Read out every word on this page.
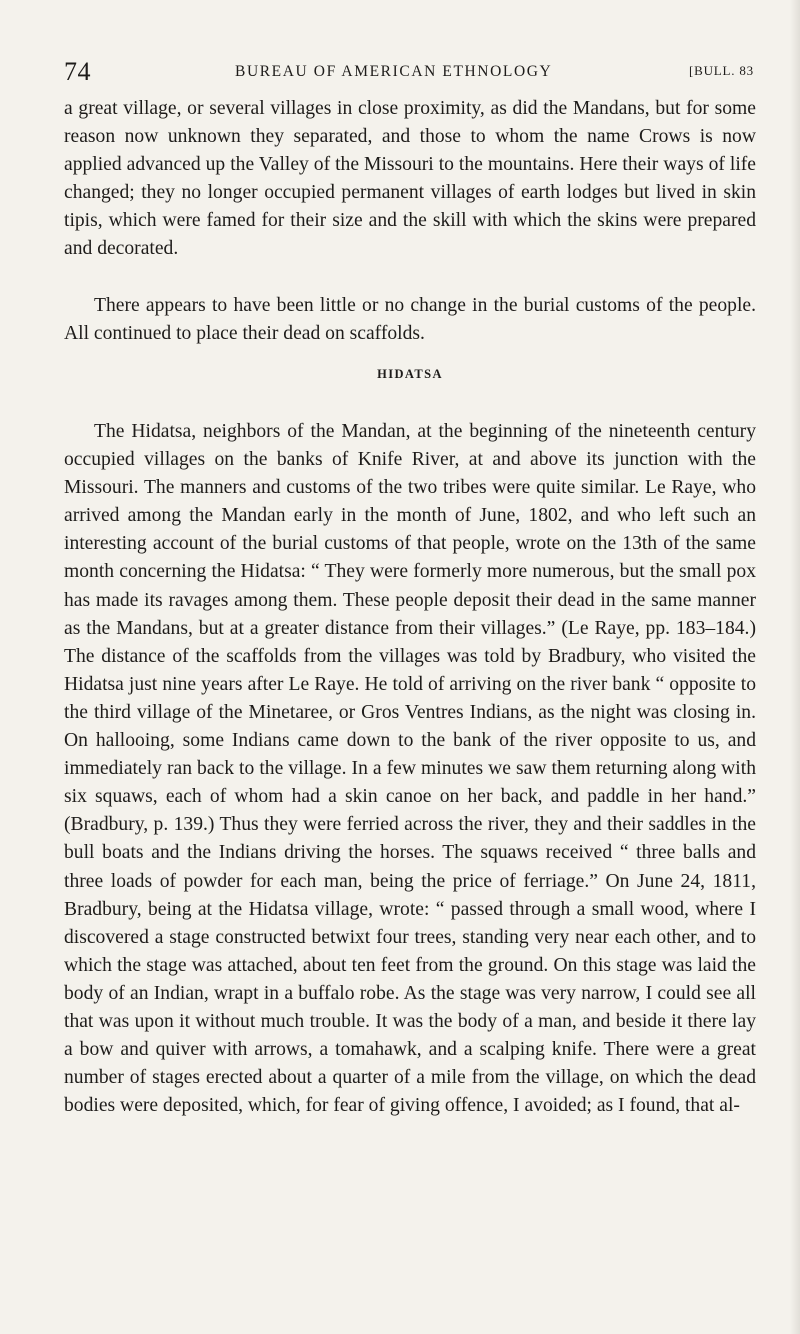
74	BUREAU OF AMERICAN ETHNOLOGY	[BULL. 83

a great village, or several villages in close proximity, as did the Mandans, but for some reason now unknown they separated, and those to whom the name Crows is now applied advanced up the Valley of the Missouri to the mountains. Here their ways of life changed; they no longer occupied permanent villages of earth lodges but lived in skin tipis, which were famed for their size and the skill with which the skins were prepared and decorated.

There appears to have been little or no change in the burial customs of the people. All continued to place their dead on scaffolds.

HIDATSA

The Hidatsa, neighbors of the Mandan, at the beginning of the nineteenth century occupied villages on the banks of Knife River, at and above its junction with the Missouri. The manners and customs of the two tribes were quite similar. Le Raye, who arrived among the Mandan early in the month of June, 1802, and who left such an interesting account of the burial customs of that people, wrote on the 13th of the same month concerning the Hidatsa: “ They were formerly more numerous, but the small pox has made its ravages among them. These people deposit their dead in the same manner as the Mandans, but at a greater distance from their villages.” (Le Raye, pp. 183–184.) The distance of the scaffolds from the villages was told by Bradbury, who visited the Hidatsa just nine years after Le Raye. He told of arriving on the river bank “ opposite to the third village of the Minetaree, or Gros Ventres Indians, as the night was closing in. On hallooing, some Indians came down to the bank of the river opposite to us, and immediately ran back to the village. In a few minutes we saw them returning along with six squaws, each of whom had a skin canoe on her back, and paddle in her hand.” (Bradbury, p. 139.) Thus they were ferried across the river, they and their saddles in the bull boats and the Indians driving the horses. The squaws received “ three balls and three loads of powder for each man, being the price of ferriage.” On June 24, 1811, Bradbury, being at the Hidatsa village, wrote: “ passed through a small wood, where I discovered a stage constructed betwixt four trees, standing very near each other, and to which the stage was attached, about ten feet from the ground. On this stage was laid the body of an Indian, wrapt in a buffalo robe. As the stage was very narrow, I could see all that was upon it without much trouble. It was the body of a man, and beside it there lay a bow and quiver with arrows, a tomahawk, and a scalping knife. There were a great number of stages erected about a quarter of a mile from the village, on which the dead bodies were deposited, which, for fear of giving offence, I avoided; as I found, that al-
